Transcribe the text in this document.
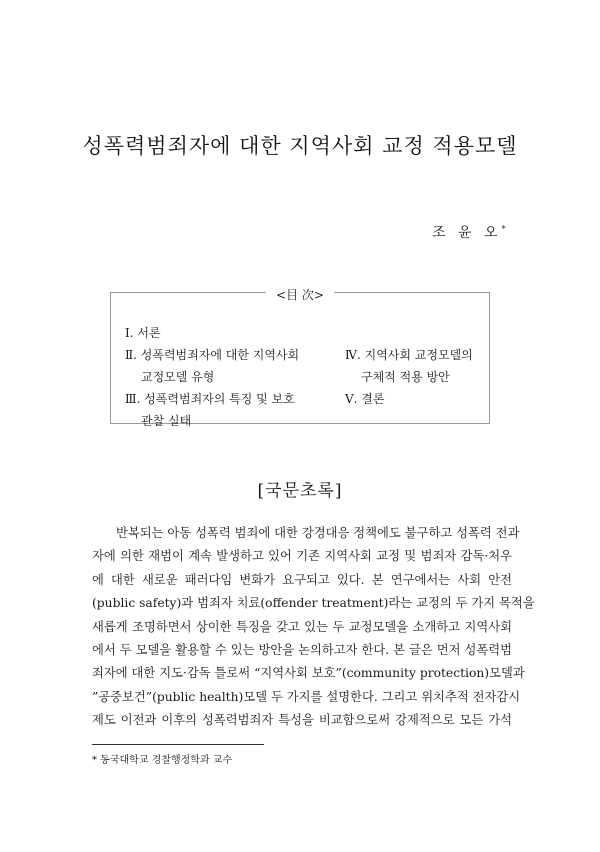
성폭력범죄자에 대한 지역사회 교정 적용모델
조 윤 오*
<目 次>
Ⅰ. 서론
Ⅱ. 성폭력범죄자에 대한 지역사회
교정모델 유형
Ⅲ. 성폭력범죄자의 특징 및 보호
관찰 실태
Ⅳ. 지역사회 교정모델의
구체적 적용 방안
Ⅴ. 결론
[국문초록]
반복되는 아동 성폭력 범죄에 대한 강경대응 정책에도 불구하고 성폭력 전과
자에 의한 재범이 계속 발생하고 있어 기존 지역사회 교정 및 범죄자 감독·처우
에 대한 새로운 패러다임 변화가 요구되고 있다. 본 연구에서는 사회 안전
(public safety)과 범죄자 치료(offender treatment)라는 교정의 두 가지 목적을
새롭게 조명하면서 상이한 특징을 갖고 있는 두 교정모델을 소개하고 지역사회
에서 두 모델을 활용할 수 있는 방안을 논의하고자 한다. 본 글은 먼저 성폭력범
죄자에 대한 지도·감독 틀로써 “지역사회 보호”(community protection)모델과
”공중보건”(public health)모델 두 가지를 설명한다. 그리고 위치추적 전자감시
제도 이전과 이후의 성폭력범죄자 특성을 비교함으로써 강제적으로 모든 가석
* 동국대학교 경찰행정학과 교수
